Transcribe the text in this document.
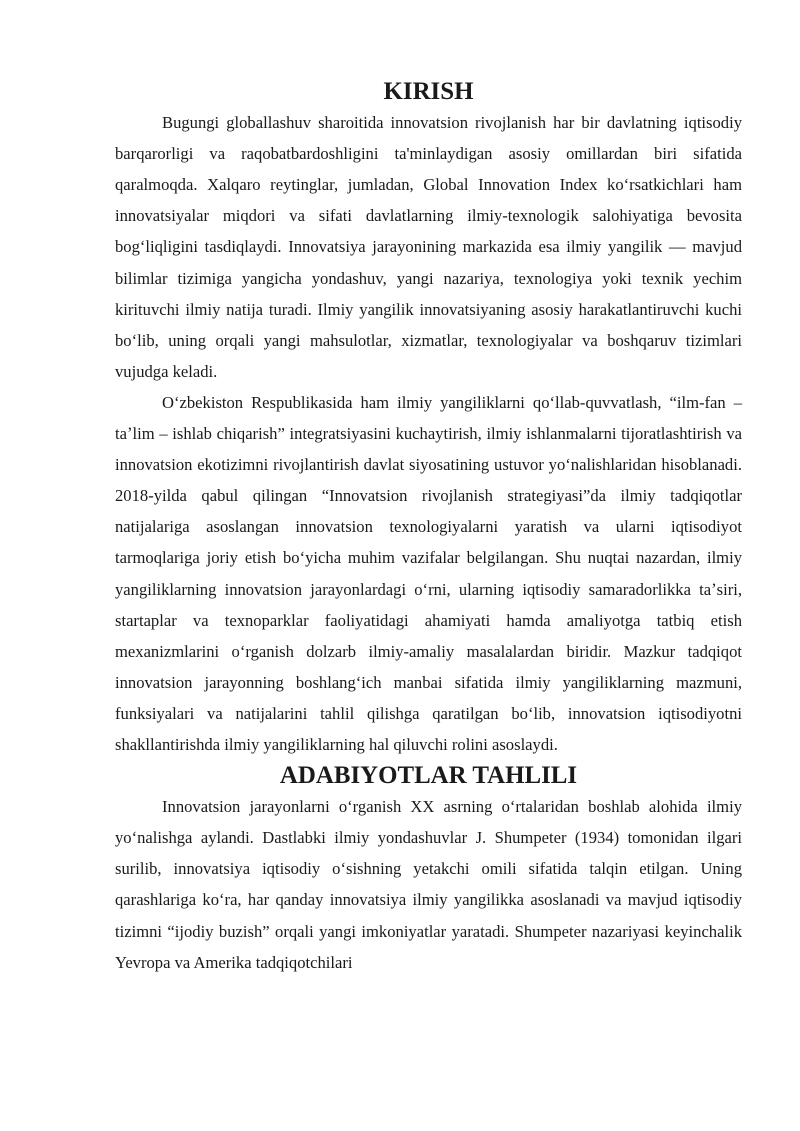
KIRISH

Bugungi globallashuv sharoitida innovatsion rivojlanish har bir davlatning iqtisodiy barqarorligi va raqobatbardoshligini ta'minlaydigan asosiy omillardan biri sifatida qaralmoqda. Xalqaro reytinglar, jumladan, Global Innovation Index koʻrsatkichlari ham innovatsiyalar miqdori va sifati davlatlarning ilmiy-texnologik salohiyatiga bevosita bogʻliqligini tasdiqlaydi. Innovatsiya jarayonining markazida esa ilmiy yangilik — mavjud bilimlar tizimiga yangicha yondashuv, yangi nazariya, texnologiya yoki texnik yechim kirituvchi ilmiy natija turadi. Ilmiy yangilik innovatsiyaning asosiy harakatlantiruvchi kuchi boʻlib, uning orqali yangi mahsulotlar, xizmatlar, texnologiyalar va boshqaruv tizimlari vujudga keladi.

Oʻzbekiston Respublikasida ham ilmiy yangiliklarni qoʻllab-quvvatlash, “ilm-fan – taʼlim – ishlab chiqarish” integratsiyasini kuchaytirish, ilmiy ishlanmalarni tijoratlashtirish va innovatsion ekotizimni rivojlantirish davlat siyosatining ustuvor yoʻnalishlaridan hisoblanadi. 2018-yilda qabul qilingan “Innovatsion rivojlanish strategiyasi”da ilmiy tadqiqotlar natijalariga asoslangan innovatsion texnologiyalarni yaratish va ularni iqtisodiyot tarmoqlariga joriy etish boʻyicha muhim vazifalar belgilangan. Shu nuqtai nazardan, ilmiy yangiliklarning innovatsion jarayonlardagi oʻrni, ularning iqtisodiy samaradorlikka taʼsiri, startaplar va texnoparklar faoliyatidagi ahamiyati hamda amaliyotga tatbiq etish mexanizmlarini oʻrganish dolzarb ilmiy-amaliy masalalardan biridir. Mazkur tadqiqot innovatsion jarayonning boshlangʻich manbai sifatida ilmiy yangiliklarning mazmuni, funksiyalari va natijalarini tahlil qilishga qaratilgan boʻlib, innovatsion iqtisodiyotni shakllantirishda ilmiy yangiliklarning hal qiluvchi rolini asoslaydi.

ADABIYOTLAR TAHLILI

Innovatsion jarayonlarni oʻrganish XX asrning oʻrtalaridan boshlab alohida ilmiy yoʻnalishga aylandi. Dastlabki ilmiy yondashuvlar J. Shumpeter (1934) tomonidan ilgari surilib, innovatsiya iqtisodiy oʻsishning yetakchi omili sifatida talqin etilgan. Uning qarashlariga koʻra, har qanday innovatsiya ilmiy yangilikka asoslanadi va mavjud iqtisodiy tizimni “ijodiy buzish” orqali yangi imkoniyatlar yaratadi. Shumpeter nazariyasi keyinchalik Yevropa va Amerika tadqiqotchilari
